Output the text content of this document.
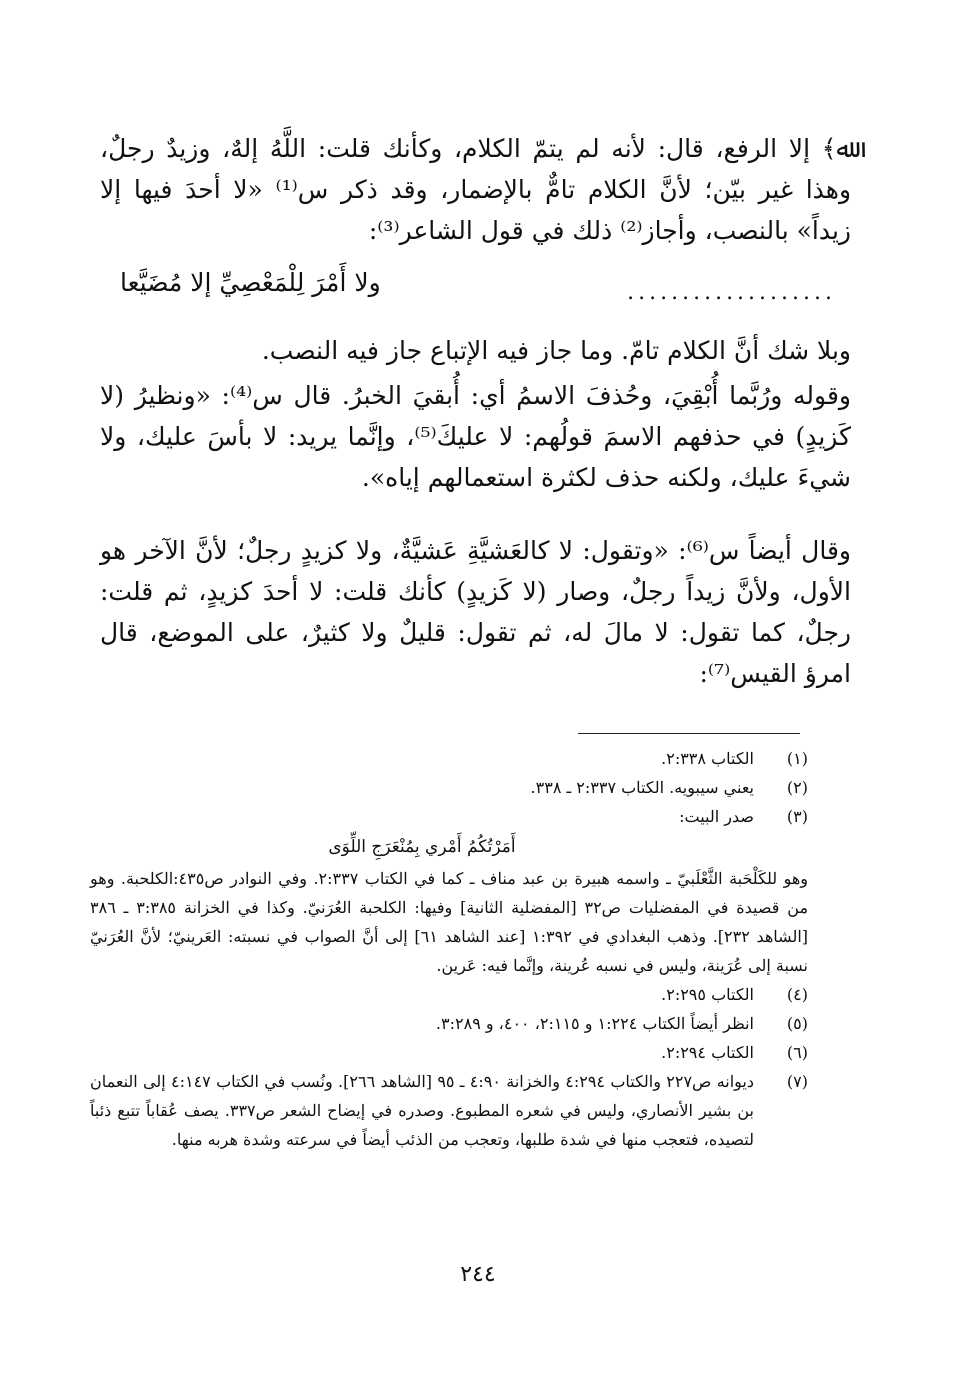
ﷲ﴾ إلا الرفع، قال: لأنه لم يتمّ الكلام، وكأنك قلت: اللَّهُ إلهٌ، وزيدٌ رجلٌ، وهذا غير بيّن؛ لأنَّ الكلام تامٌّ بالإضمار، وقد ذكر س⁽¹⁾ «لا أحدَ فيها إلا زيداً» بالنصب، وأجاز⁽²⁾ ذلك في قول الشاعر⁽³⁾:

...................
ولا أَمْرَ لِلْمَعْصِيِّ إلا مُضَيَّعا

وبلا شك أنَّ الكلام تامّ. وما جاز فيه الإتباع جاز فيه النصب.

وقوله ورُبَّما أُبْقِيَ، وحُذفَ الاسمُ أي: أُبقيَ الخبرُ. قال س⁽⁴⁾: «ونظيرُ (لا كَزيدٍ) في حذفهم الاسمَ قولُهم: لا عليكَ⁽⁵⁾، وإنَّما يريد: لا بأسَ عليك، ولا شيءَ عليك، ولكنه حذف لكثرة استعمالهم إياه».

وقال أيضاً س⁽⁶⁾: «وتقول: لا كالعَشيَّةِ عَشيَّةٌ، ولا كزيدٍ رجلٌ؛ لأنَّ الآخر هو الأول، ولأنَّ زيداً رجلٌ، وصار (لا كَزيدٍ) كأنك قلت: لا أحدَ كزيدٍ، ثم قلت: رجلٌ، كما تقول: لا مالَ له، ثم تقول: قليلٌ ولا كثيرٌ، على الموضع، قال امرؤ القيس⁽⁷⁾:

(١)
الكتاب ٢:٣٣٨.
(٢)
يعني سيبويه. الكتاب ٢:٣٣٧ ـ ٣٣٨.
(٣)
صدر البيت:
أَمَرْتُكُمُ أَمْري بِمُنْعَرَجِ اللِّوَى
وهو للكَلْحَبة الثَّعْلَبيّ ـ واسمه هبيرة بن عبد مناف ـ كما في الكتاب ٢:٣٣٧. وفي النوادر ص٤٣٥:الكلحبة. وهو من قصيدة في المفضليات ص٣٢ [المفضلية الثانية] وفيها: الكلحبة العُرَنيّ. وكذا في الخزانة ٣:٣٨٥ ـ ٣٨٦ [الشاهد ٢٣٢]. وذهب البغدادي في ١:٣٩٢ [عند الشاهد ٦١] إلى أنَّ الصواب في نسبته: العَرينيّ؛ لأنَّ العُرَنيّ نسبة إلى عُرَينة، وليس في نسبه عُرينة، وإنَّما فيه: عَرين.
(٤)
الكتاب ٢:٢٩٥.
(٥)
انظر أيضاً الكتاب ١:٢٢٤ و ٢:١١٥، ٤٠٠، و ٣:٢٨٩.
(٦)
الكتاب ٢:٢٩٤.
(٧)
ديوانه ص٢٢٧ والكتاب ٤:٢٩٤ والخزانة ٤:٩٠ ـ ٩٥ [الشاهد ٢٦٦]. ونُسب في الكتاب ٤:١٤٧ إلى النعمان بن بشير الأنصاري، وليس في شعره المطبوع. وصدره في إيضاح الشعر ص٣٣٧. يصف عُقاباً تتبع ذئباً لتصيده، فتعجب منها في شدة طلبها، وتعجب من الذئب أيضاً في سرعته وشدة هربه منها.
٢٤٤
